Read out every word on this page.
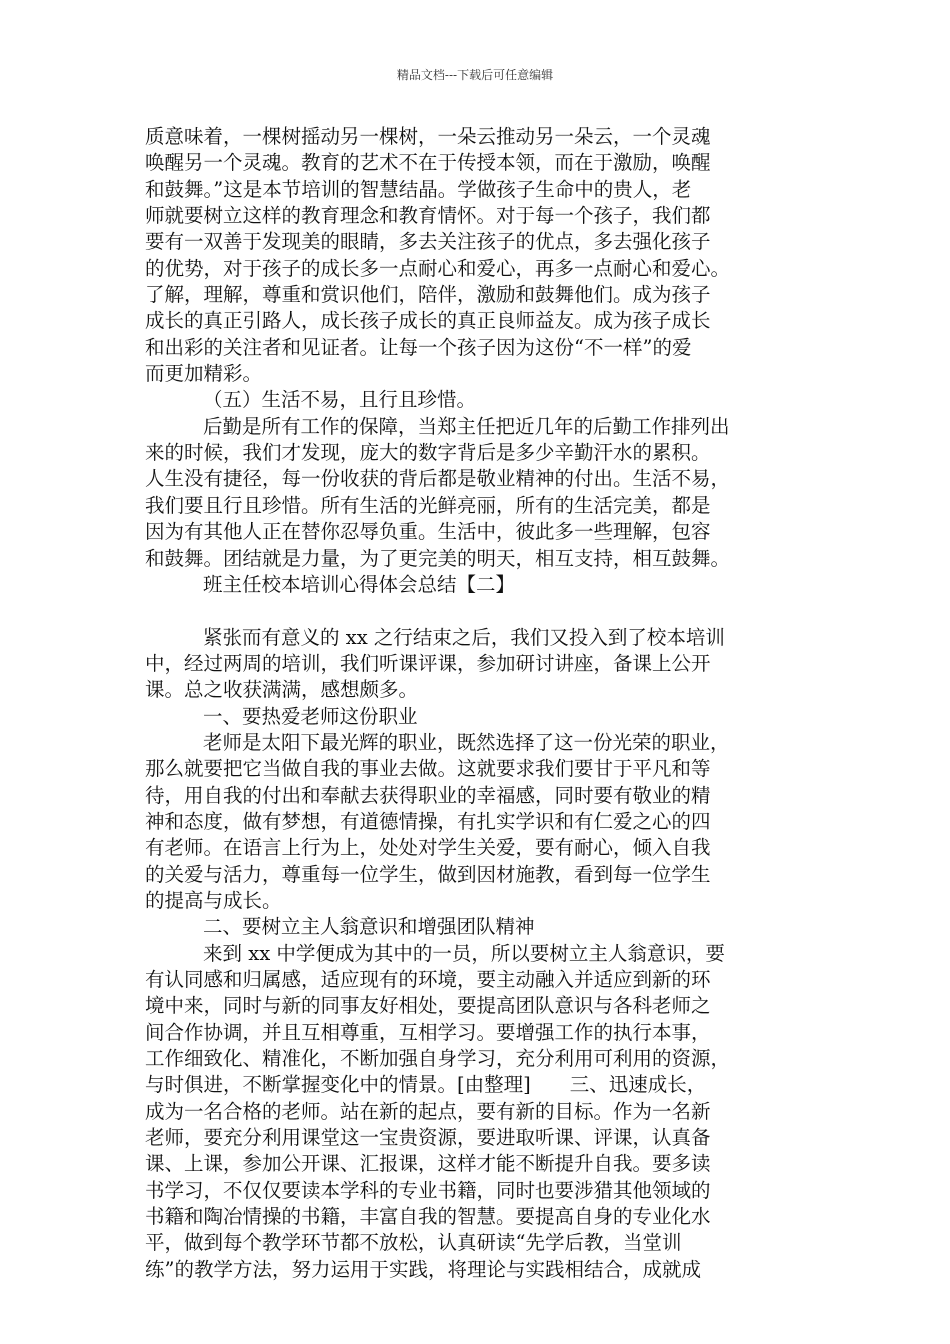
精品文档---下载后可任意编辑
质意味着，一棵树摇动另一棵树，一朵云推动另一朵云，一个灵魂
唤醒另一个灵魂。教育的艺术不在于传授本领，而在于激励，唤醒
和鼓舞。”这是本节培训的智慧结晶。学做孩子生命中的贵人，老
师就要树立这样的教育理念和教育情怀。对于每一个孩子，我们都
要有一双善于发现美的眼睛，多去关注孩子的优点，多去强化孩子
的优势，对于孩子的成长多一点耐心和爱心，再多一点耐心和爱心。
了解，理解，尊重和赏识他们，陪伴，激励和鼓舞他们。成为孩子
成长的真正引路人，成长孩子成长的真正良师益友。成为孩子成长
和出彩的关注者和见证者。让每一个孩子因为这份“不一样”的爱
而更加精彩。
（五）生活不易，且行且珍惜。
后勤是所有工作的保障，当郑主任把近几年的后勤工作排列出
来的时候，我们才发现，庞大的数字背后是多少辛勤汗水的累积。
人生没有捷径，每一份收获的背后都是敬业精神的付出。生活不易，
我们要且行且珍惜。所有生活的光鲜亮丽，所有的生活完美，都是
因为有其他人正在替你忍辱负重。生活中，彼此多一些理解，包容
和鼓舞。团结就是力量，为了更完美的明天，相互支持，相互鼓舞。
班主任校本培训心得体会总结【二】
紧张而有意义的 xx 之行结束之后，我们又投入到了校本培训
中，经过两周的培训，我们听课评课，参加研讨讲座，备课上公开
课。总之收获满满，感想颇多。
一、要热爱老师这份职业
老师是太阳下最光辉的职业，既然选择了这一份光荣的职业，
那么就要把它当做自我的事业去做。这就要求我们要甘于平凡和等
待，用自我的付出和奉献去获得职业的幸福感，同时要有敬业的精
神和态度，做有梦想，有道德情操，有扎实学识和有仁爱之心的四
有老师。在语言上行为上，处处对学生关爱，要有耐心，倾入自我
的关爱与活力，尊重每一位学生，做到因材施教，看到每一位学生
的提高与成长。
二、要树立主人翁意识和增强团队精神
来到 xx 中学便成为其中的一员，所以要树立主人翁意识，要
有认同感和归属感，适应现有的环境，要主动融入并适应到新的环
境中来，同时与新的同事友好相处，要提高团队意识与各科老师之
间合作协调，并且互相尊重，互相学习。要增强工作的执行本事，
工作细致化、精准化，不断加强自身学习，充分利用可利用的资源，
与时俱进，不断掌握变化中的情景。[由整理]　　三、迅速成长，
成为一名合格的老师。站在新的起点，要有新的目标。作为一名新
老师，要充分利用课堂这一宝贵资源，要进取听课、评课，认真备
课、上课，参加公开课、汇报课，这样才能不断提升自我。要多读
书学习，不仅仅要读本学科的专业书籍，同时也要涉猎其他领域的
书籍和陶冶情操的书籍，丰富自我的智慧。要提高自身的专业化水
平，做到每个教学环节都不放松，认真研读“先学后教，当堂训
练”的教学方法，努力运用于实践，将理论与实践相结合，成就成
